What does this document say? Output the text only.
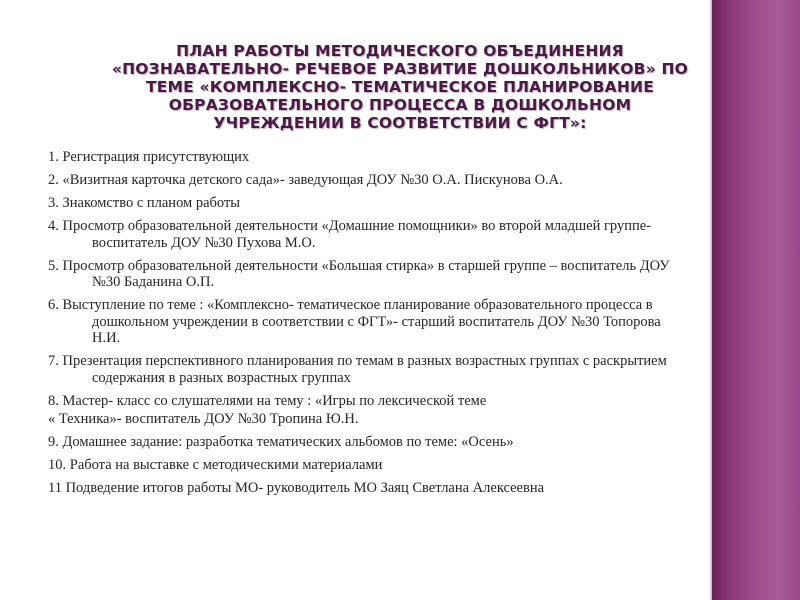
ПЛАН РАБОТЫ МЕТОДИЧЕСКОГО ОБЪЕДИНЕНИЯ
«ПОЗНАВАТЕЛЬНО- РЕЧЕВОЕ РАЗВИТИЕ ДОШКОЛЬНИКОВ» ПО
ТЕМЕ «КОМПЛЕКСНО- ТЕМАТИЧЕСКОЕ ПЛАНИРОВАНИЕ
ОБРАЗОВАТЕЛЬНОГО ПРОЦЕССА В ДОШКОЛЬНОМ
УЧРЕЖДЕНИИ В СООТВЕТСТВИИ С ФГТ»:
1. Регистрация присутствующих
2. «Визитная карточка детского сада»- заведующая ДОУ №30 О.А. Пискунова О.А.
3. Знакомство с планом работы
4. Просмотр образовательной деятельности «Домашние помощники» во второй младшей группе- воспитатель ДОУ №30 Пухова М.О.
5. Просмотр образовательной деятельности «Большая стирка» в старшей группе – воспитатель ДОУ №30 Баданина О.П.
6. Выступление по теме : «Комплексно- тематическое планирование образовательного процесса в дошкольном учреждении в соответствии с ФГТ»- старший воспитатель ДОУ №30 Топорова Н.И.
7. Презентация перспективного планирования по темам в разных возрастных группах с раскрытием содержания в разных возрастных группах
8. Мастер- класс со слушателями на тему : «Игры по лексической теме
« Техника»- воспитатель ДОУ №30 Тропина Ю.Н.
9. Домашнее задание: разработка тематических альбомов по теме: «Осень»
10. Работа на выставке с методическими материалами
11 Подведение итогов работы МО- руководитель МО Заяц Светлана Алексеевна
